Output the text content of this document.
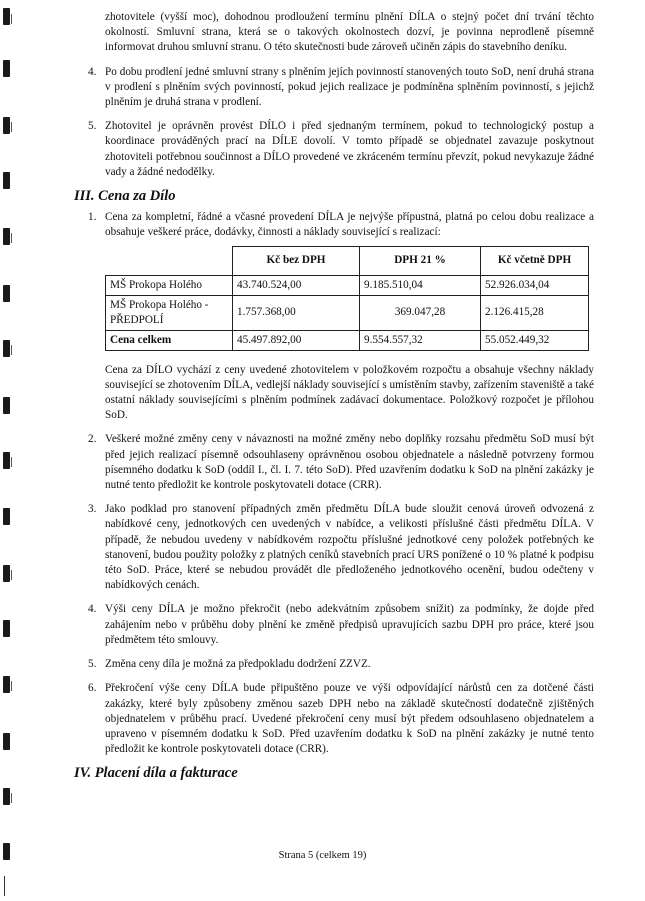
zhotovitele (vyšší moc), dohodnou prodloužení termínu plnění DÍLA o stejný počet dní trvání těchto okolností. Smluvní strana, která se o takových okolnostech dozví, je povinna neprodleně písemně informovat druhou smluvní stranu. O této skutečnosti bude zároveň učiněn zápis do stavebního deníku.

4. Po dobu prodlení jedné smluvní strany s plněním jejích povinností stanovených touto SoD, není druhá strana v prodlení s plněním svých povinností, pokud jejich realizace je podmíněna splněním povinností, s jejichž plněním je druhá strana v prodlení.
5. Zhotovitel je oprávněn provést DÍLO i před sjednaným termínem, pokud to technologický postup a koordinace prováděných prací na DÍLE dovolí. V tomto případě se objednatel zavazuje poskytnout zhotoviteli potřebnou součinnost a DÍLO provedené ve zkráceném termínu převzít, pokud nevykazuje žádné vady a žádné nedodělky.
III. Cena za Dílo
1. Cena za kompletní, řádné a včasné provedení DÍLA je nejvýše přípustná, platná po celou dobu realizace a obsahuje veškeré práce, dodávky, činnosti a náklady související s realizací:
	Kč bez DPH	DPH 21 %	Kč včetně DPH
MŠ Prokopa Holého	43.740.524,00	9.185.510,04	52.926.034,04
MŠ Prokopa Holého - PŘEDPOLÍ	1.757.368,00	369.047,28	2.126.415,28
Cena celkem	45.497.892,00	9.554.557,32	55.052.449,32

Cena za DÍLO vychází z ceny uvedené zhotovitelem v položkovém rozpočtu a obsahuje všechny náklady související se zhotovením DÍLA, vedlejší náklady související s umístěním stavby, zařízením staveniště a také ostatní náklady souvisejícími s plněním podmínek zadávací dokumentace. Položkový rozpočet je přílohou SoD.

2. Veškeré možné změny ceny v návaznosti na možné změny nebo doplňky rozsahu předmětu SoD musí být před jejich realizací písemně odsouhlaseny oprávněnou osobou objednatele a následně potvrzeny formou písemného dodatku k SoD (oddíl I., čl. I. 7. této SoD). Před uzavřením dodatku k SoD na plnění zakázky je nutné tento předložit ke kontrole poskytovateli dotace (CRR).
3. Jako podklad pro stanovení případných změn předmětu DÍLA bude sloužit cenová úroveň odvozená z nabídkové ceny, jednotkových cen uvedených v nabídce, a velikosti příslušné části předmětu DÍLA. V případě, že nebudou uvedeny v nabídkovém rozpočtu příslušné jednotkové ceny položek potřebných ke stanovení, budou použity položky z platných ceníků stavebních prací URS ponížené o 10 % platné k podpisu této SoD. Práce, které se nebudou provádět dle předloženého jednotkového ocenění, budou odečteny v nabídkových cenách.
4. Výši ceny DÍLA je možno překročit (nebo adekvátním způsobem snížit) za podmínky, že dojde před zahájením nebo v průběhu doby plnění ke změně předpisů upravujících sazbu DPH pro práce, které jsou předmětem této smlouvy.
5. Změna ceny díla je možná za předpokladu dodržení ZZVZ.
6. Překročení výše ceny DÍLA bude připuštěno pouze ve výši odpovídající nárůstů cen za dotčené části zakázky, které byly způsobeny změnou sazeb DPH nebo na základě skutečností dodatečně zjištěných objednatelem v průběhu prací. Uvedené překročení ceny musí být předem odsouhlaseno objednatelem a upraveno v písemném dodatku k SoD. Před uzavřením dodatku k SoD na plnění zakázky je nutné tento předložit ke kontrole poskytovateli dotace (CRR).
IV. Placení díla a fakturace
Strana 5 (celkem 19)
